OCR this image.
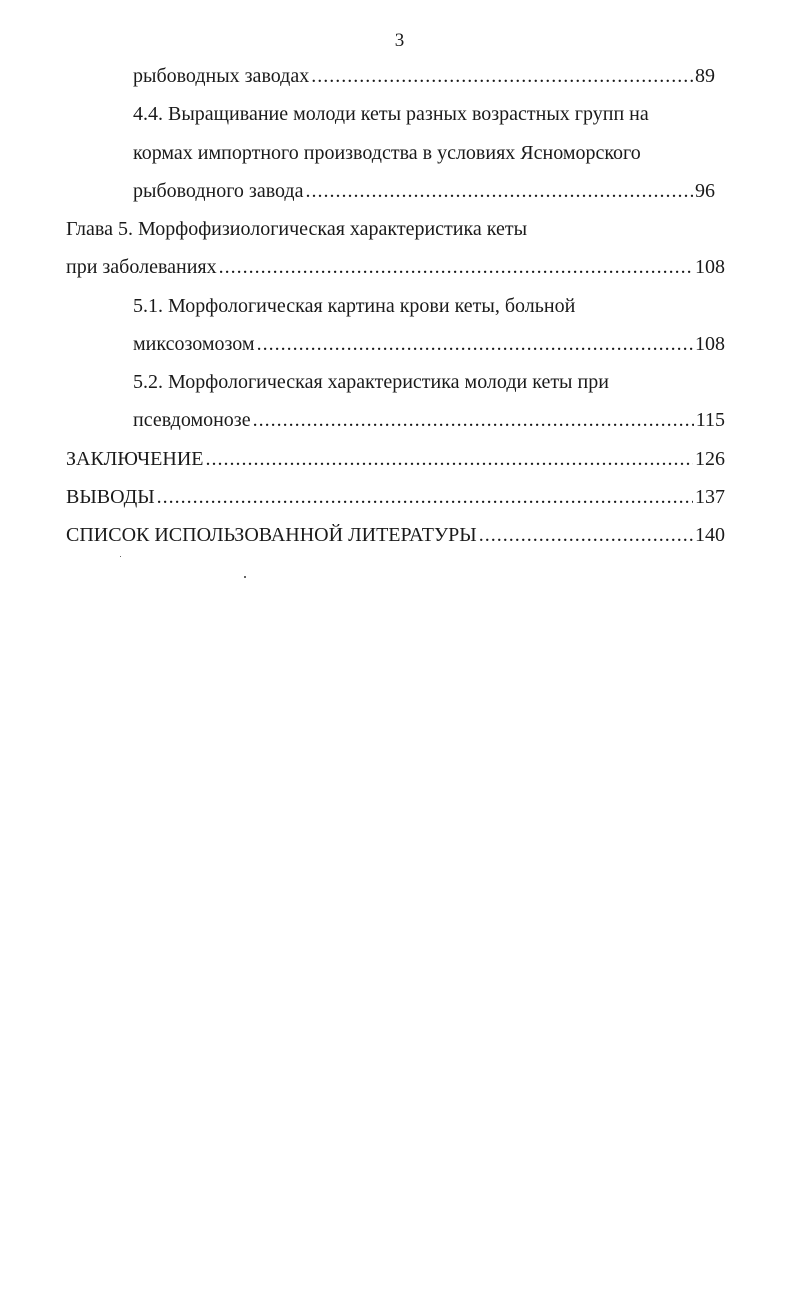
3
рыбоводных заводах .....	89
4.4. Выращивание молоди кеты разных возрастных групп на
кормах импортного производства в условиях Ясноморского
рыбоводного завода .....	96
Глава 5. Морфофизиологическая характеристика кеты
при заболеваниях .....	108
5.1. Морфологическая картина крови кеты, больной
миксозомозом .....	108
5.2. Морфологическая характеристика молоди кеты при
псевдомонозе .....	115
ЗАКЛЮЧЕНИЕ .....	126
ВЫВОДЫ .....	137
СПИСОК ИСПОЛЬЗОВАННОЙ ЛИТЕРАТУРЫ .....	140
